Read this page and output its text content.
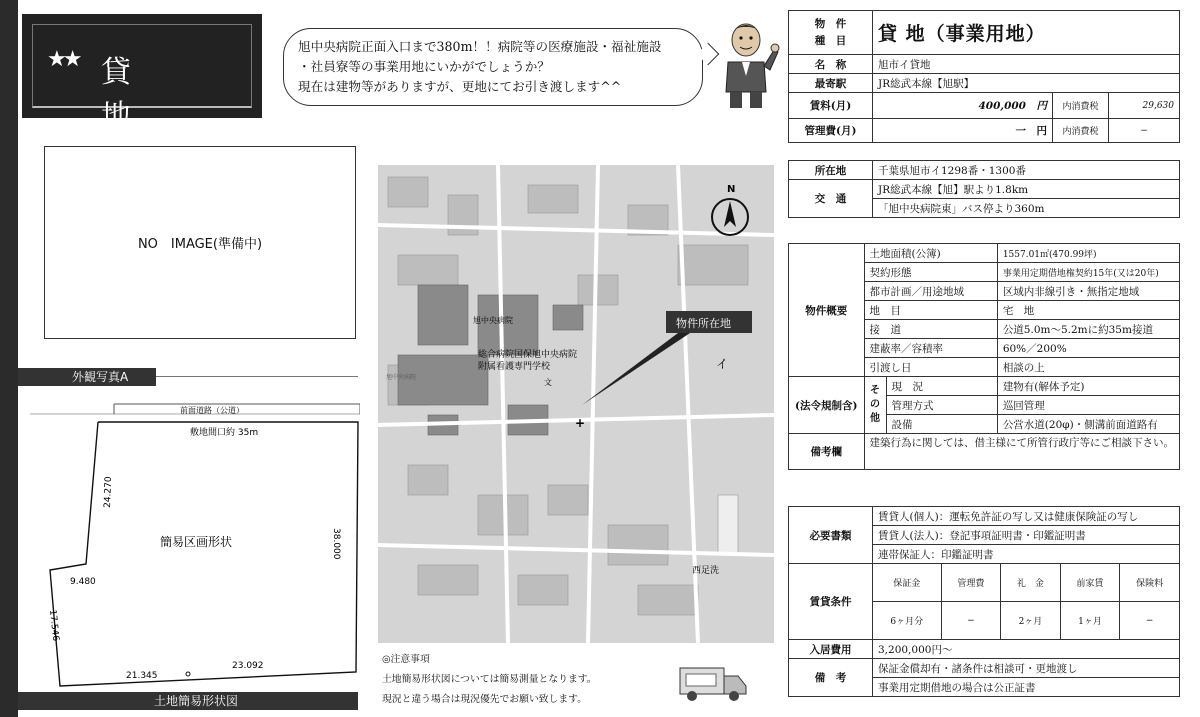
★★ 貸　地
NO　IMAGE(準備中)
外観写真A
前面道路（公道）
敷地間口約 35m
簡易区画形状
24.270
38.000
9.480
17.546
21.345
23.092
土地簡易形状図
旭中央病院正面入口まで380m！！病院等の医療施設・福祉施設
・社員寮等の事業用地にいかがでしょうか？
現在は建物等がありますが、更地にてお引き渡します^^
N
旭中央病院
総合病院国保旭中央病院
附属看護専門学校
旭中央病院
文
イ
西足洗
物件所在地
+
◎注意事項
土地簡易形状図については簡易測量となります。
現況と違う場合は現況優先でお願い致します。
物　件
種　目	貸 地（事業用地）		
名　称	旭市イ貸地		
最寄駅	JR総武本線【旭駅】		
賃料(月)	400,000　 円	内消費税	29,630
管理費(月)	一　 円	内消費税	−
所在地	千葉県旭市イ1298番・1300番
交　通	JR総武本線【旭】駅より1.8km
	「旭中央病院東」バス停より360m
物件概要	土地面積(公簿)		1557.01㎡(470.99坪)
	契約形態		事業用定期借地権契約15年(又は20年)
	都市計画／用途地域		区域内非線引き・無指定地域
	地　目		宅　地
	接　道		公道5.0m～5.2mに約35m接道
	建蔽率／容積率		60%／200%
	引渡し日		相談の上
(法令規制含)	その他	現　況	建物有(解体予定)
		管理方式	巡回管理
		設備	公営水道(20φ)・側溝前面道路有
備考欄	建築行為に関しては、借主様にて所管行政庁等にご相談下さい。		
必要書類	賃貸人(個人)：運転免許証の写し又は健康保険証の写し				
	賃貸人(法人)：登記事項証明書・印鑑証明書				
	連帯保証人：印鑑証明書				
賃貸条件	保証金	管理費	礼　金	前家賃	保険料
	6ヶ月分	−	2ヶ月	1ヶ月	−
入居費用	3,200,000円～				
備　考	保証金償却有・諸条件は相談可・更地渡し				
	事業用定期借地の場合は公正証書				
